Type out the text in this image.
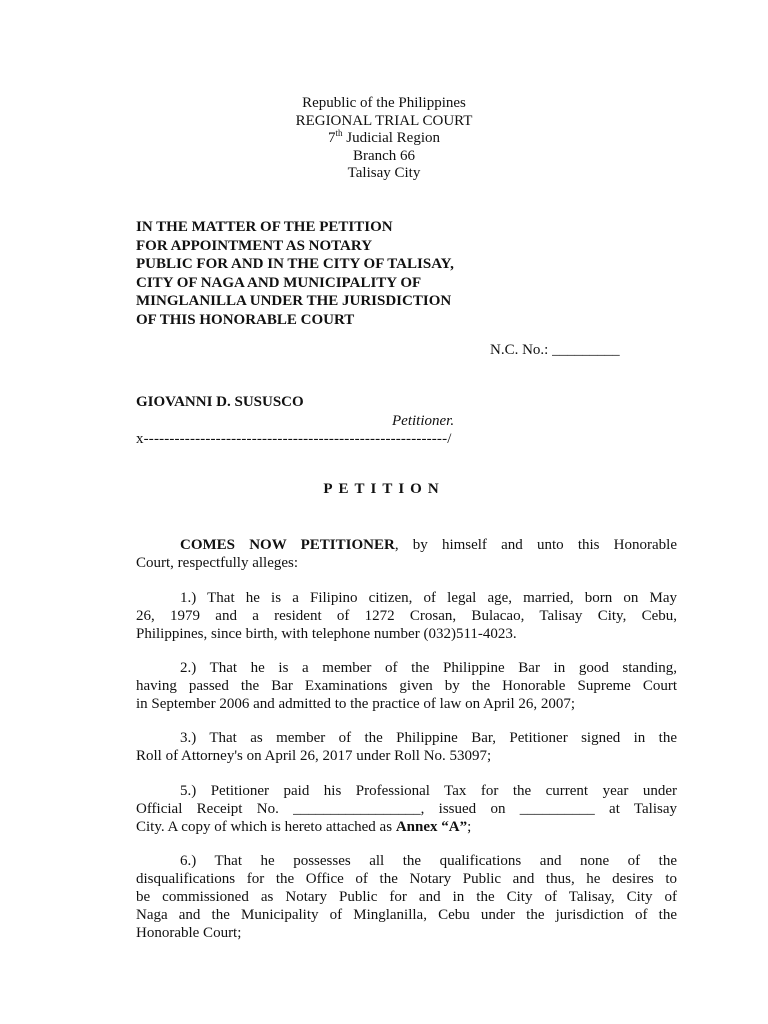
Republic of the Philippines
REGIONAL TRIAL COURT
7th Judicial Region
Branch 66
Talisay City
IN THE MATTER OF THE PETITION
FOR APPOINTMENT AS NOTARY
PUBLIC FOR AND IN THE CITY OF TALISAY,
CITY OF NAGA AND MUNICIPALITY OF
MINGLANILLA UNDER THE JURISDICTION
OF THIS HONORABLE COURT
N.C. No.: _________
GIOVANNI D. SUSUSCO
Petitioner.
x-----------------------------------------------------------/
PETITION
COMES NOW PETITIONER, by himself and unto this Honorable
Court, respectfully alleges:
1.) That he is a Filipino citizen, of legal age, married, born on May
26, 1979 and a resident of 1272 Crosan, Bulacao, Talisay City, Cebu,
Philippines, since birth, with telephone number (032)511-4023.
2.) That he is a member of the Philippine Bar in good standing,
having passed the Bar Examinations given by the Honorable Supreme Court
in September 2006 and admitted to the practice of law on April 26, 2007;
3.) That as member of the Philippine Bar, Petitioner signed in the
Roll of Attorney's on April 26, 2017 under Roll No. 53097;
5.) Petitioner paid his Professional Tax for the current year under
Official Receipt No. _________________, issued on __________ at Talisay
City. A copy of which is hereto attached as Annex “A”;
6.) That he possesses all the qualifications and none of the
disqualifications for the Office of the Notary Public and thus, he desires to
be commissioned as Notary Public for and in the City of Talisay, City of
Naga and the Municipality of Minglanilla, Cebu under the jurisdiction of the
Honorable Court;
